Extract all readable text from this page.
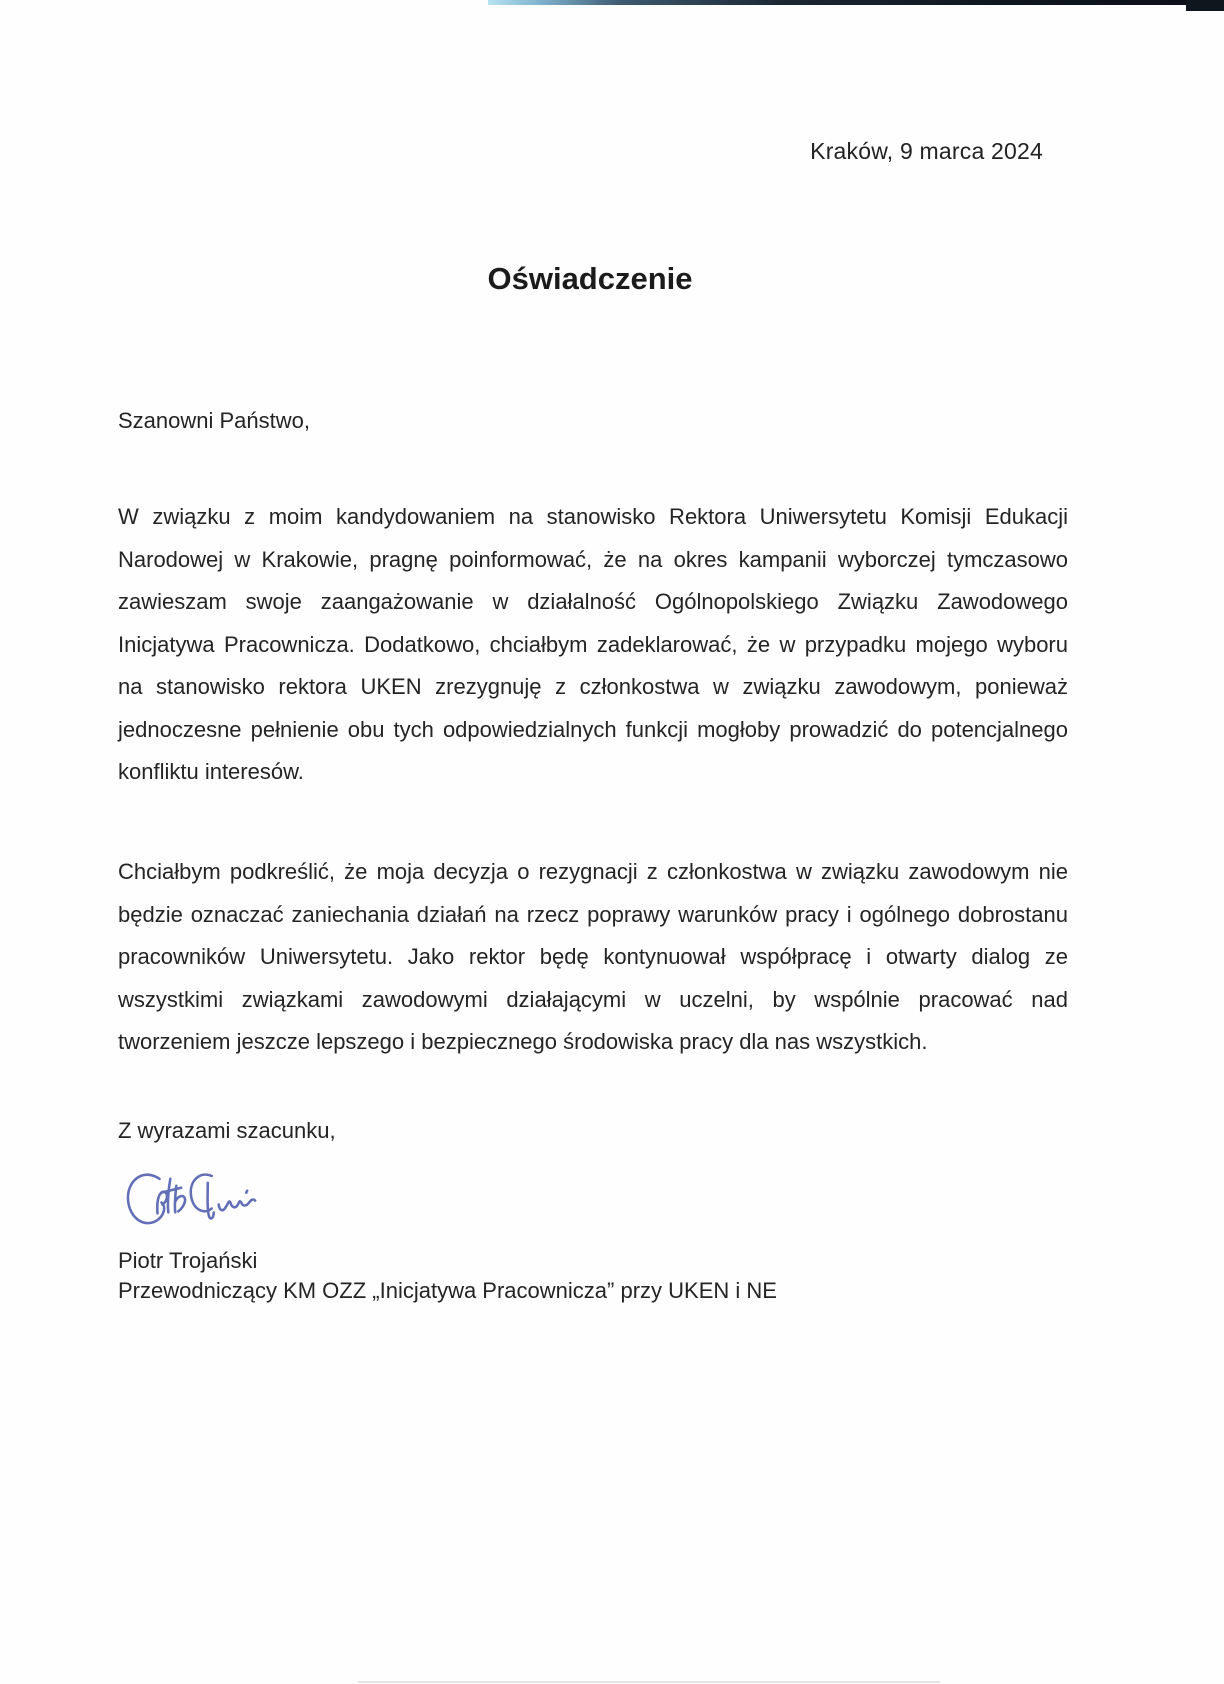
Kraków, 9 marca 2024
Oświadczenie
Szanowni Państwo,

W związku z moim kandydowaniem na stanowisko Rektora Uniwersytetu Komisji Edukacji Narodowej w Krakowie, pragnę poinformować, że na okres kampanii wyborczej tymczasowo zawieszam swoje zaangażowanie w działalność Ogólnopolskiego Związku Zawodowego Inicjatywa Pracownicza. Dodatkowo, chciałbym zadeklarować, że w przypadku mojego wyboru na stanowisko rektora UKEN zrezygnuję z członkostwa w związku zawodowym, ponieważ jednoczesne pełnienie obu tych odpowiedzialnych funkcji mogłoby prowadzić do potencjalnego konfliktu interesów.

Chciałbym podkreślić, że moja decyzja o rezygnacji z członkostwa w związku zawodowym nie będzie oznaczać zaniechania działań na rzecz poprawy warunków pracy i ogólnego dobrostanu pracowników Uniwersytetu. Jako rektor będę kontynuował współpracę i otwarty dialog ze wszystkimi związkami zawodowymi działającymi w uczelni, by wspólnie pracować nad tworzeniem jeszcze lepszego i bezpiecznego środowiska pracy dla nas wszystkich.

Z wyrazami szacunku,
Piotr Trojański
Przewodniczący KM OZZ „Inicjatywa Pracownicza” przy UKEN i NE
